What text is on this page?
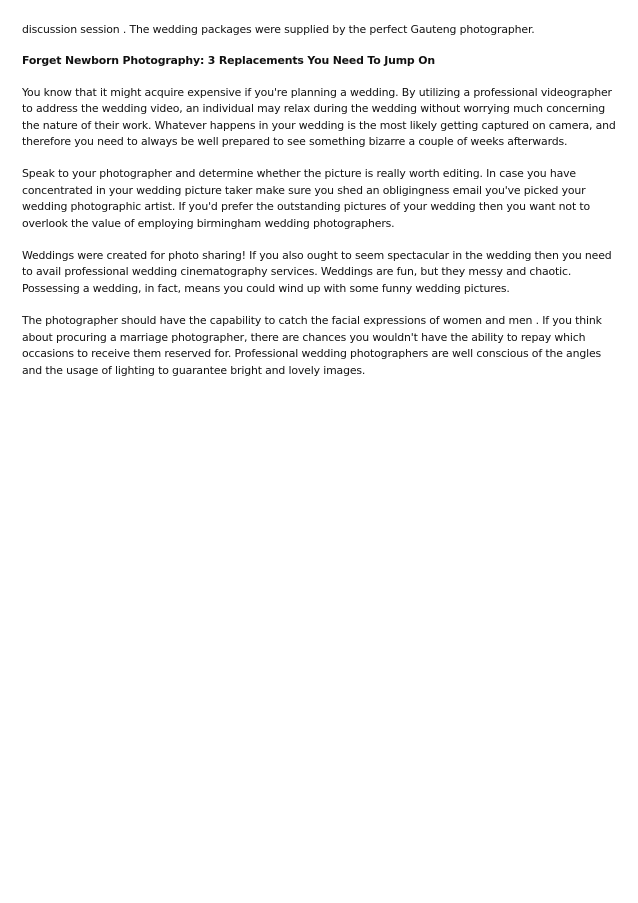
discussion session . The wedding packages were supplied by the perfect Gauteng photographer.

Forget Newborn Photography: 3 Replacements You Need To Jump On

You know that it might acquire expensive if you're planning a wedding. By utilizing a professional videographer to address the wedding video, an individual may relax during the wedding without worrying much concerning the nature of their work. Whatever happens in your wedding is the most likely getting captured on camera, and therefore you need to always be well prepared to see something bizarre a couple of weeks afterwards.

Speak to your photographer and determine whether the picture is really worth editing. In case you have concentrated in your wedding picture taker make sure you shed an obligingness email you've picked your wedding photographic artist. If you'd prefer the outstanding pictures of your wedding then you want not to overlook the value of employing birmingham wedding photographers.

Weddings were created for photo sharing! If you also ought to seem spectacular in the wedding then you need to avail professional wedding cinematography services. Weddings are fun, but they messy and chaotic. Possessing a wedding, in fact, means you could wind up with some funny wedding pictures.

The photographer should have the capability to catch the facial expressions of women and men . If you think about procuring a marriage photographer, there are chances you wouldn't have the ability to repay which occasions to receive them reserved for. Professional wedding photographers are well conscious of the angles and the usage of lighting to guarantee bright and lovely images.
